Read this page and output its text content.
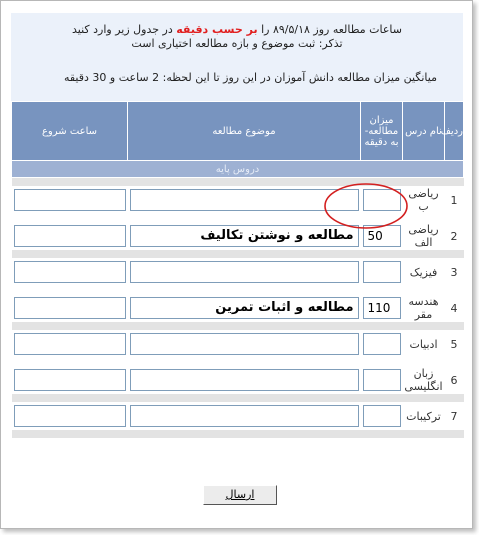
ساعات مطالعه روز ۸۹/۵/۱۸ را بر حسب دقیقه در جدول زیر وارد کنید
تذکر: ثبت موضوع و بازه مطالعه اختیاری است
میانگین میزان مطالعه دانش آموزان در این روز تا این لحظه: 2 ساعت و 30 دقیقه
ردیف	نام درس	میزان مطالعه- به دقیقه	موضوع مطالعه	ساعت شروع
دروس پایه				

1	ریاضی ب	

2	ریاضی الف	50	مطالعه و نوشتن تکالیف	

3	فیزیک	

4	هندسه مقر	110	مطالعه و اثبات تمرین	

5	ادبیات	

6	زبان انگلیسی	

7	ترکیبات	

ارسال
